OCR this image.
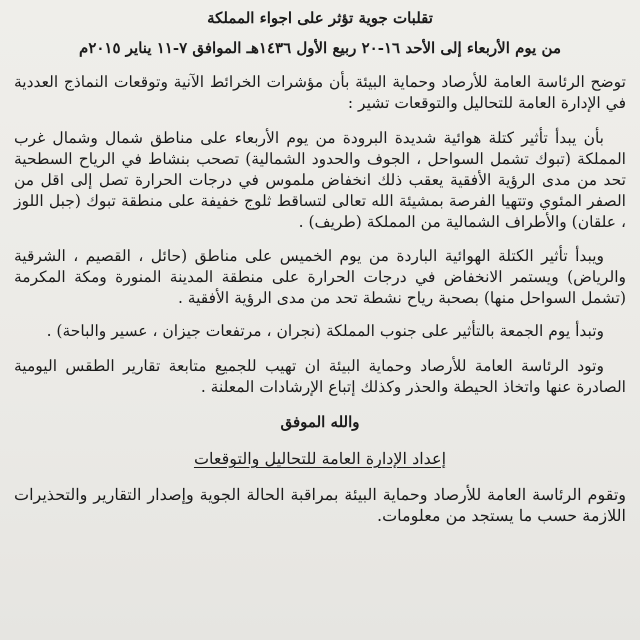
تقلبات جوية تؤثر على اجواء المملكة
من يوم الأربعاء إلى الأحد ١٦-٢٠ ربيع الأول ١٤٣٦هـ الموافق ٧-١١ يناير ٢٠١٥م

توضح الرئاسة العامة للأرصاد وحماية البيئة بأن مؤشرات الخرائط الآنية وتوقعات النماذج العددية في الإدارة العامة للتحاليل والتوقعات تشير :

بأن يبدأ تأثير كتلة هوائية شديدة البرودة من يوم الأربعاء على مناطق شمال وشمال غرب المملكة (تبوك تشمل السواحل ، الجوف والحدود الشمالية) تصحب بنشاط في الرياح السطحية تحد من مدى الرؤية الأفقية يعقب ذلك انخفاض ملموس في درجات الحرارة تصل إلى اقل من الصفر المئوي وتتهيا الفرصة بمشيئة الله تعالى لتساقط ثلوج خفيفة على منطقة تبوك (جبل اللوز ، علقان) والأطراف الشمالية من المملكة (طريف) .

ويبدأ تأثير الكتلة الهوائية الباردة من يوم الخميس على مناطق (حائل ، القصيم ، الشرقية والرياض) ويستمر الانخفاض في درجات الحرارة على منطقة المدينة المنورة ومكة المكرمة (تشمل السواحل منها) بصحبة رياح نشطة تحد من مدى الرؤية الأفقية .

وتبدأ يوم الجمعة بالتأثير على جنوب المملكة (نجران ، مرتفعات جيزان ، عسير والباحة) .

وتود الرئاسة العامة للأرصاد وحماية البيئة ان تهيب للجميع متابعة تقارير الطقس اليومية الصادرة عنها واتخاذ الحيطة والحذر وكذلك إتباع الإرشادات المعلنة .

والله الموفق
إعداد الإدارة العامة للتحاليل والتوقعات

وتقوم الرئاسة العامة للأرصاد وحماية البيئة بمراقبة الحالة الجوية وإصدار التقارير والتحذيرات اللازمة حسب ما يستجد من معلومات.
